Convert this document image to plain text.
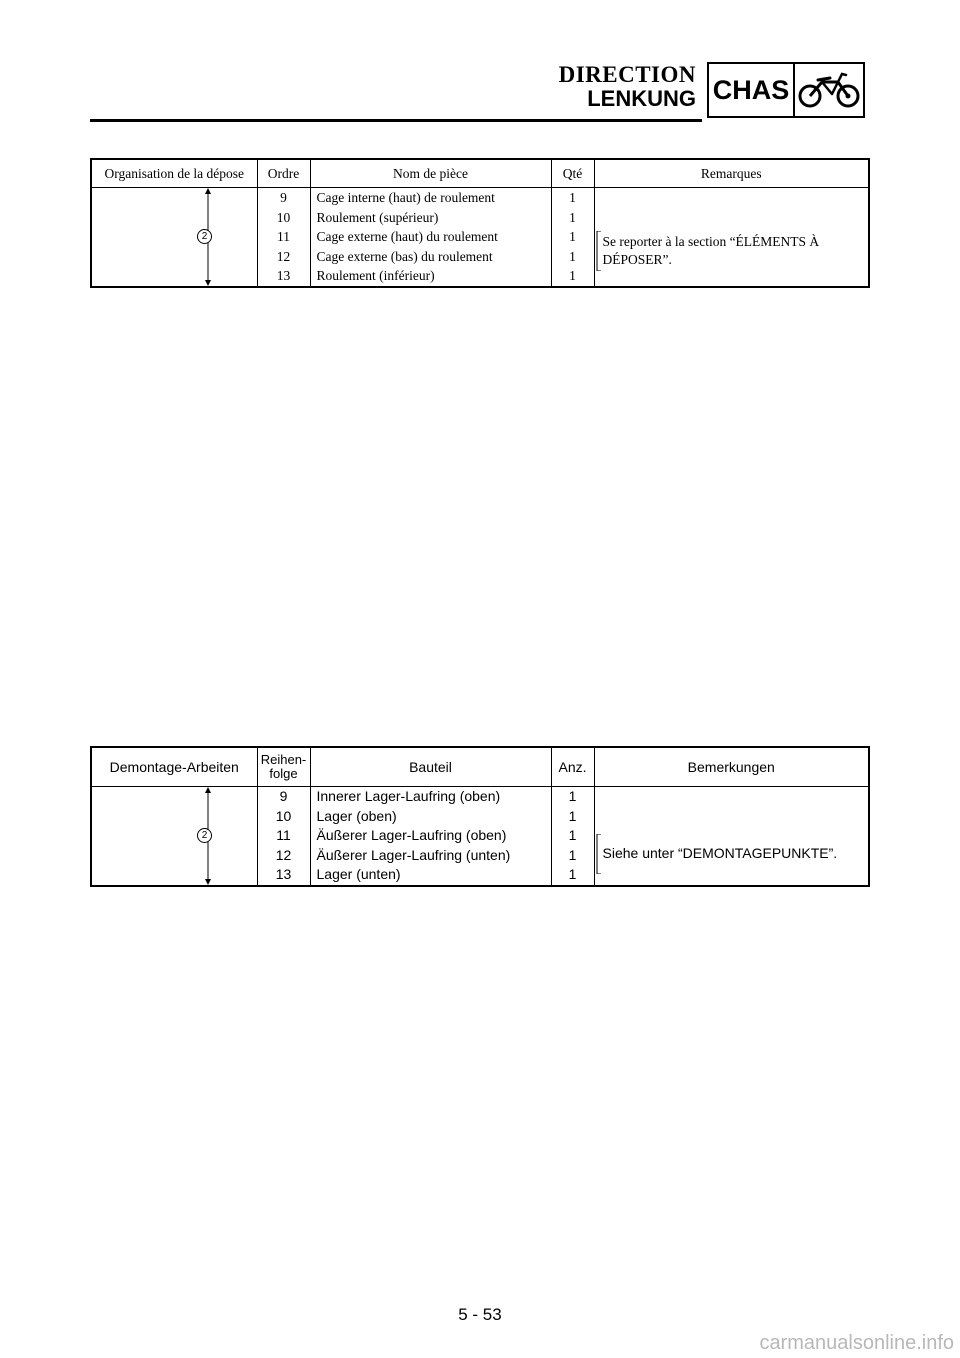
DIRECTION
LENKUNG CHAS
Organisation de la dépose	Ordre	Nom de pièce	Qté	Remarques

2	9	Cage interne (haut) de roulement	1	Se reporter à la section “ÉLÉMENTS À DÉPOSER”.

	10	Roulement (supérieur)	1	
	11	Cage externe (haut) du roulement	1	
	12	Cage externe (bas) du roulement	1	
	13	Roulement (inférieur)	1	
Demontage-Arbeiten	Reihen-folge	Bauteil	Anz.	Bemerkungen

2	9	Innerer Lager-Laufring (oben)	1	Siehe unter “DEMONTAGEPUNKTE”.

	10	Lager (oben)	1	
	11	Äußerer Lager-Laufring (oben)	1	
	12	Äußerer Lager-Laufring (unten)	1	
	13	Lager (unten)	1	
5 - 53
carmanualsonline.info
